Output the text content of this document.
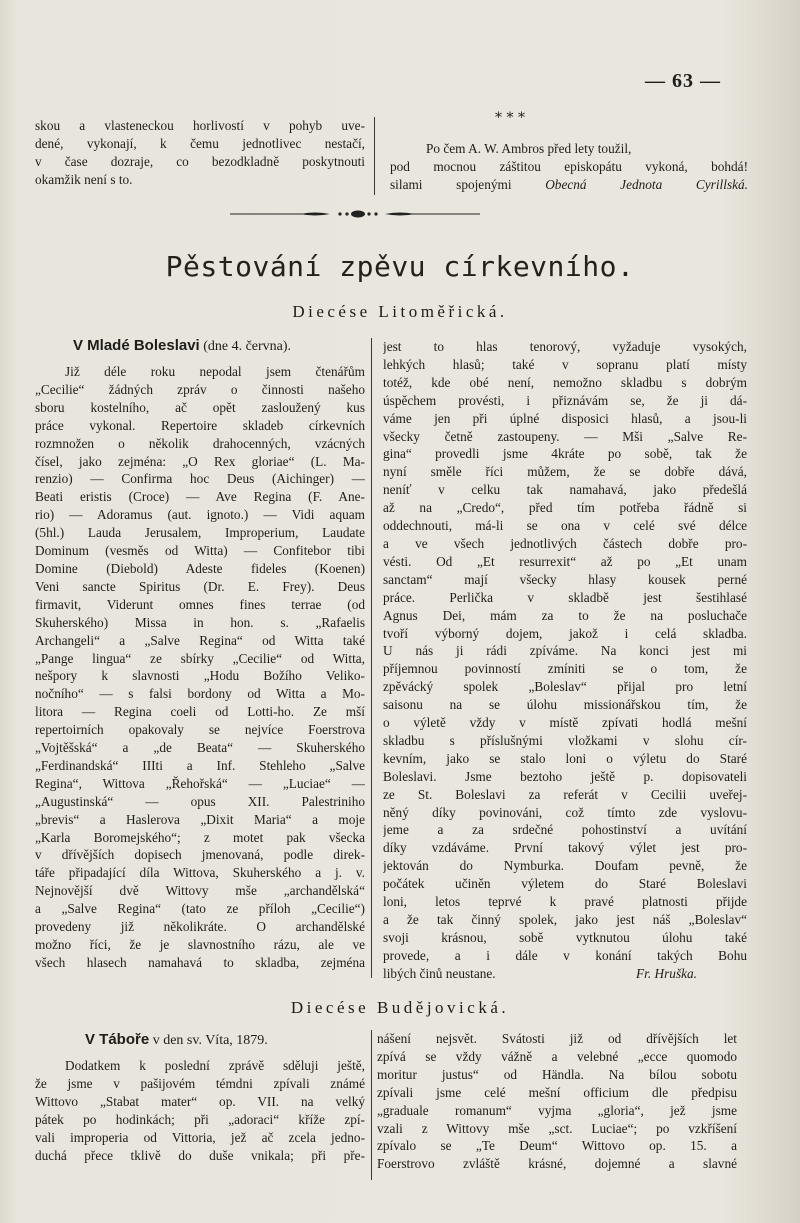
— 63 —
skou a vlasteneckou horlivostí v pohyb uve-
dené, vykonají, k čemu jednotlivec nestačí,
v čase dozraje, co bezodkladně poskytnouti
okamžik není s to.
* * *
Po čem A. W. Ambros před lety toužil,
pod mocnou záštitou episkopátu vykoná, bohdá!
silami spojenými Obecná Jednota Cyrillská.
Pěstování zpěvu církevního.
Diecése Litoměřická.
V Mladé Boleslavi (dne 4. června).
Již déle roku nepodal jsem čtenářům
„Cecilie“ žádných zpráv o činnosti našeho
sboru kostelního, ač opět zasloužený kus
práce vykonal. Repertoire skladeb církevních
rozmnožen o několik drahocenných, vzácných
čísel, jako zejména: „O Rex gloriae“ (L. Ma-
renzio) — Confirma hoc Deus (Aichinger) —
Beati eristis (Croce) — Ave Regina (F. Ane-
rio) — Adoramus (aut. ignoto.) — Vidi aquam
(5hl.) Lauda Jerusalem, Improperium, Laudate
Dominum (vesměs od Witta) — Confitebor tibi
Domine (Diebold) Adeste fideles (Koenen)
Veni sancte Spiritus (Dr. E. Frey). Deus
firmavit, Viderunt omnes fines terrae (od
Skuherského) Missa in hon. s. „Rafaelis
Archangeli“ a „Salve Regina“ od Witta také
„Pange lingua“ ze sbírky „Cecilie“ od Witta,
nešpory k slavnosti „Hodu Božího Veliko-
nočního“ — s falsi bordony od Witta a Mo-
litora — Regina coeli od Lotti-ho. Ze mší
repertoirních opakovaly se nejvíce Foerstrova
„Vojtěšská“ a „de Beata“ — Skuherského
„Ferdinandská“ IIIti a Inf. Stehleho „Salve
Regina“, Wittova „Řehořská“ — „Luciae“ —
„Augustinská“ — opus XII. Palestriniho
„brevis“ a Haslerova „Dixit Maria“ a moje
„Karla Boromejského“; z motet pak všecka
v dřívějších dopisech jmenovaná, podle direk-
táře připadající díla Wittova, Skuherského a j. v.
Nejnovější dvě Wittovy mše „archandělská“
a „Salve Regina“ (tato ze příloh „Cecilie“)
provedeny již několikráte. O archandělské
možno říci, že je slavnostního rázu, ale ve
všech hlasech namahavá to skladba, zejména
jest to hlas tenorový, vyžaduje vysokých,
lehkých hlasů; také v sopranu platí místy
totéž, kde obé není, nemožno skladbu s dobrým
úspěchem provésti, i přiznávám se, že ji dá-
váme jen při úplné disposici hlasů, a jsou-li
všecky četně zastoupeny. — Mši „Salve Re-
gina“ provedli jsme 4kráte po sobě, tak že
nyní směle říci můžem, že se dobře dává,
neníť v celku tak namahavá, jako předešlá
až na „Credo“, před tím potřeba řádně si
oddechnouti, má-li se ona v celé své délce
a ve všech jednotlivých částech dobře pro-
vésti. Od „Et resurrexit“ až po „Et unam
sanctam“ mají všecky hlasy kousek perné
práce. Perlička v skladbě jest šestihlasé
Agnus Dei, mám za to že na posluchače
tvoří výborný dojem, jakož i celá skladba.
U nás ji rádi zpíváme. Na konci jest mi
příjemnou povinností zmíniti se o tom, že
zpěvácký spolek „Boleslav“ přijal pro letní
saisonu na se úlohu missionářskou tím, že
o výletě vždy v místě zpívati hodlá mešní
skladbu s příslušnými vložkami v slohu cír-
kevním, jako se stalo loni o výletu do Staré
Boleslavi. Jsme beztoho ještě p. dopisovateli
ze St. Boleslavi za referát v Cecilii uveřej-
něný díky povinováni, což tímto zde vyslovu-
jeme a za srdečné pohostinství a uvítání
díky vzdáváme. První takový výlet jest pro-
jektován do Nymburka. Doufam pevně, že
počátek učiněn výletem do Staré Boleslavi
loni, letos teprvé k pravé platnosti přijde
a že tak činný spolek, jako jest náš „Boleslav“
svoji krásnou, sobě vytknutou úlohu také
provede, a i dále v konání takých Bohu
libých činů neustane.	Fr. Hruška.
Diecése Budějovická.
V Táboře v den sv. Víta, 1879.
Dodatkem k poslední zprávě sděluji ještě,
že jsme v pašijovém témdni zpívali známé
Wittovo „Stabat mater“ op. VII. na velký
pátek po hodinkách; při „adoraci“ kříže zpí-
vali improperia od Vittoria, jež ač zcela jedno-
duchá přece tklivě do duše vnikala; při pře-
nášení nejsvět. Svátosti již od dřívějších let
zpívá se vždy vážně a velebné „ecce quomodo
moritur justus“ od Händla. Na bílou sobotu
zpívali jsme celé mešní officium dle předpisu
„graduale romanum“ vyjma „gloria“, jež jsme
vzali z Wittovy mše „sct. Luciae“; po vzkříšení
zpívalo se „Te Deum“ Wittovo op. 15. a
Foerstrovo zvláště krásné, dojemné a slavné
